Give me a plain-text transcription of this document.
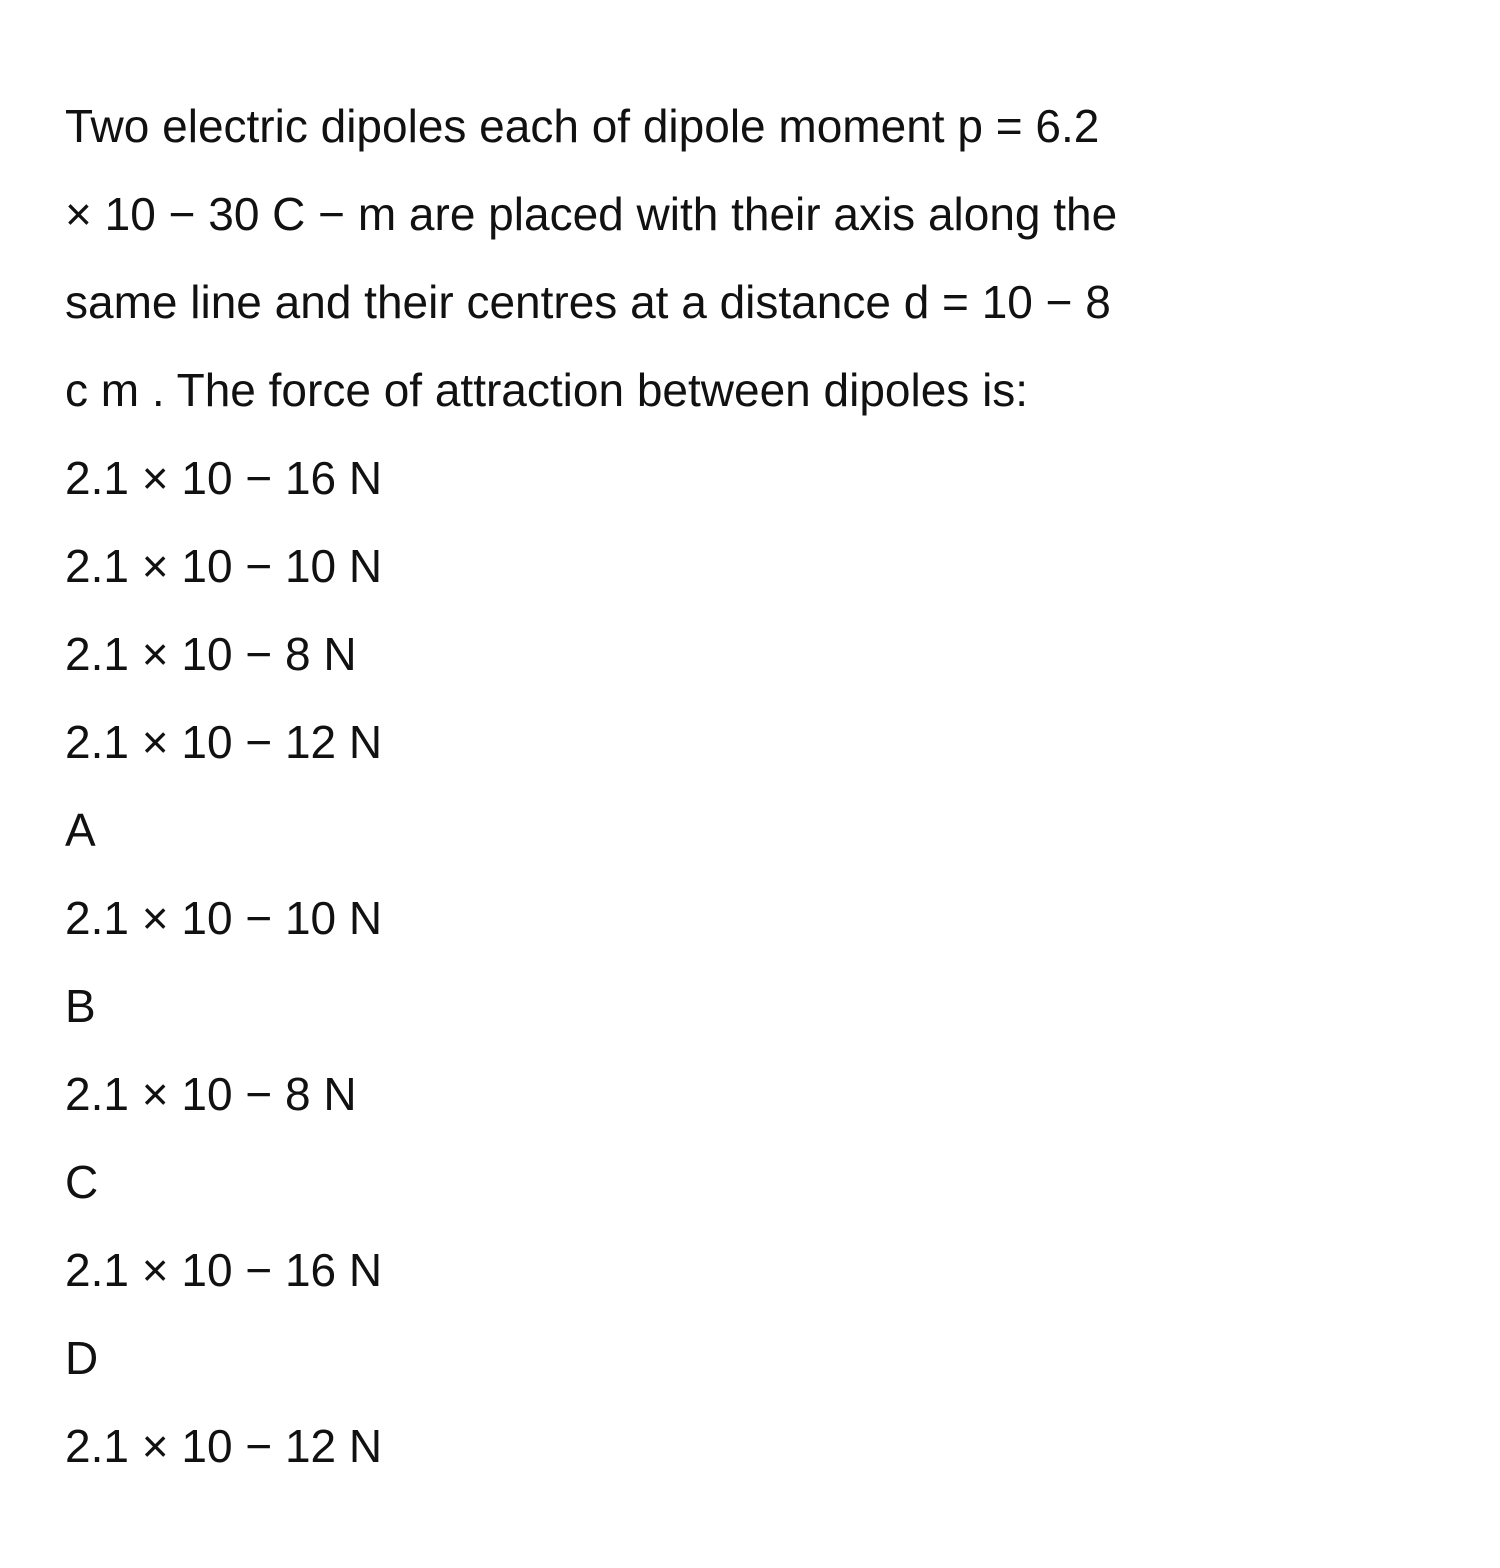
Two electric dipoles each of dipole moment p = 6.2
× 10 − 30 C − m are placed with their axis along the
same line and their centres at a distance d = 10 − 8
c m . The force of attraction between dipoles is:
2.1 × 10 − 16 N
2.1 × 10 − 10 N
2.1 × 10 − 8 N
2.1 × 10 − 12 N
A
2.1 × 10 − 10 N
B
2.1 × 10 − 8 N
C
2.1 × 10 − 16 N
D
2.1 × 10 − 12 N
